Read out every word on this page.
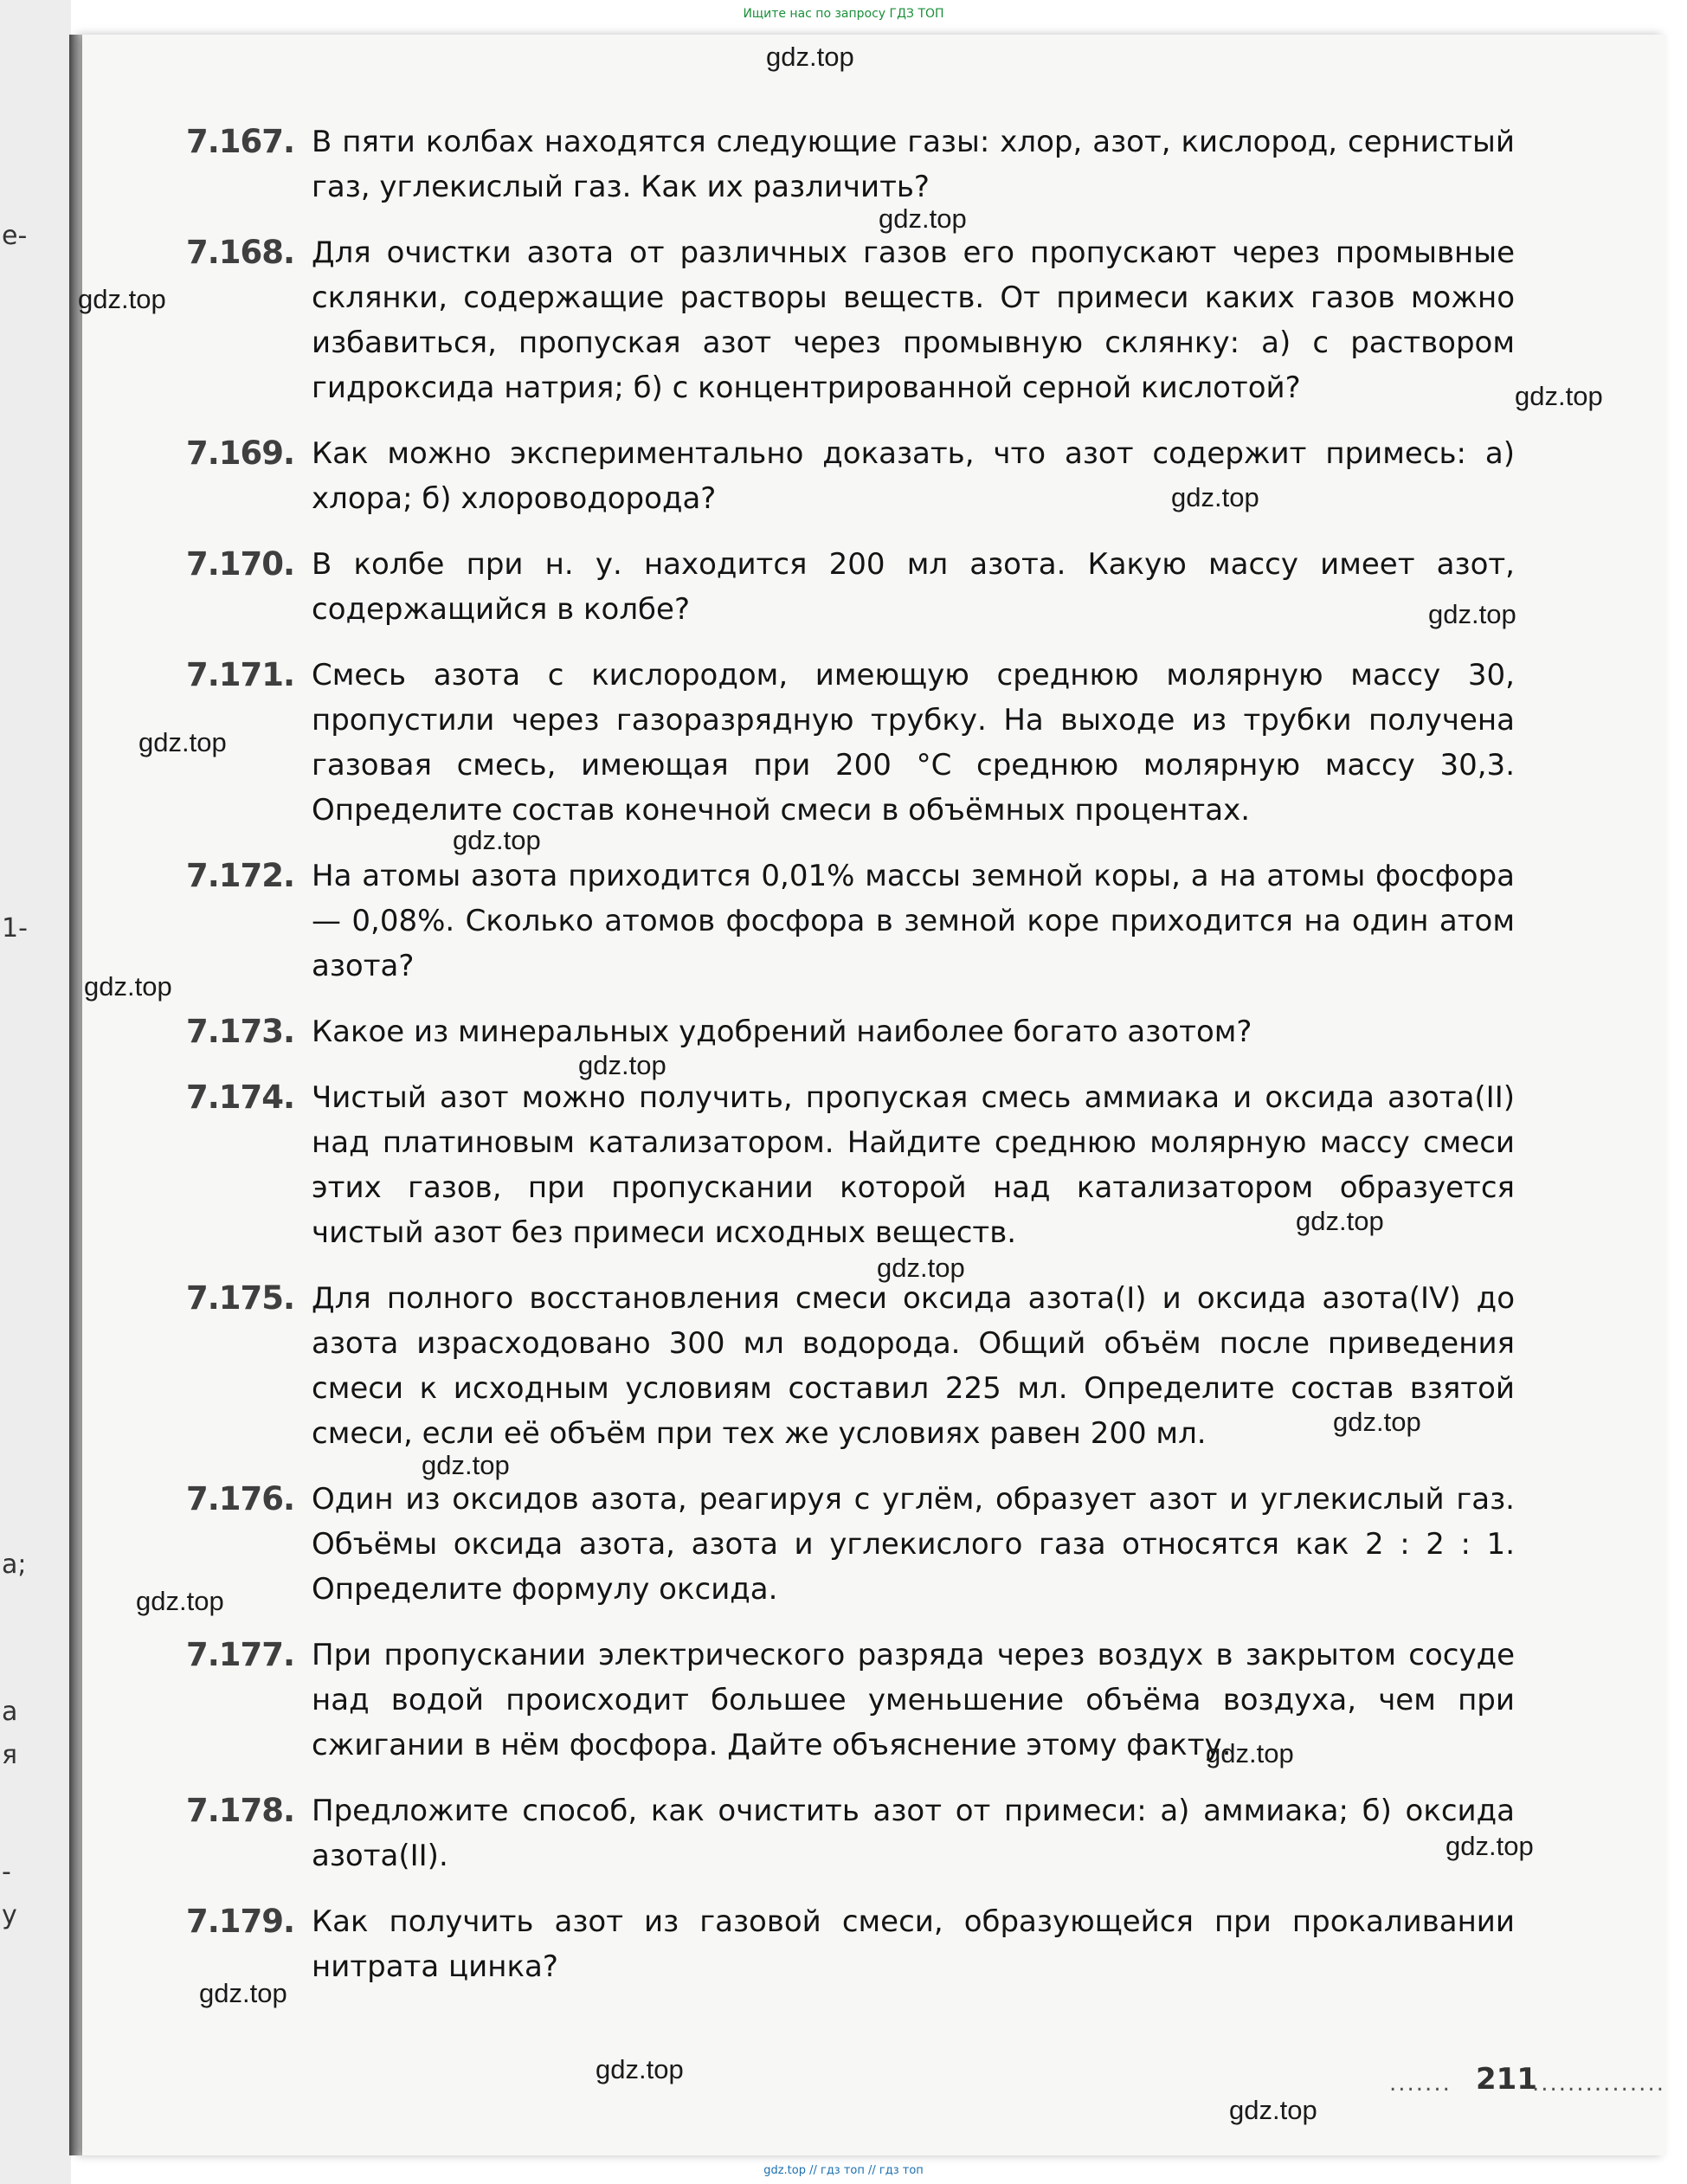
Ищите нас по запросу ГДЗ ТОП
е-
1-
а;
а
я
-
у
7.167. В пяти колбах находятся следующие газы: хлор, азот, кислород, сернистый газ, углекислый газ. Как их различить?
7.168. Для очистки азота от различных газов его пропускают через промывные склянки, содержащие растворы веществ. От примеси каких газов можно избавиться, пропуская азот через промывную склянку: а) с раствором гидроксида натрия; б) с концентрированной серной кислотой?
7.169. Как можно экспериментально доказать, что азот содержит примесь: а) хлора; б) хлороводорода?
7.170. В колбе при н. у. находится 200 мл азота. Какую массу имеет азот, содержащийся в колбе?
7.171. Смесь азота с кислородом, имеющую среднюю молярную массу 30, пропустили через газоразрядную трубку. На выходе из трубки получена газовая смесь, имеющая при 200 °С среднюю молярную массу 30,3. Определите состав конечной смеси в объёмных процентах.
7.172. На атомы азота приходится 0,01% массы земной коры, а на атомы фосфора — 0,08%. Сколько атомов фосфора в земной коре приходится на один атом азота?
7.173. Какое из минеральных удобрений наиболее богато азотом?
7.174. Чистый азот можно получить, пропуская смесь аммиака и оксида азота(II) над платиновым катализатором. Найдите среднюю молярную массу смеси этих газов, при пропускании которой над катализатором образуется чистый азот без примеси исходных веществ.
7.175. Для полного восстановления смеси оксида азота(I) и оксида азота(IV) до азота израсходовано 300 мл водорода. Общий объём после приведения смеси к исходным условиям составил 225 мл. Определите состав взятой смеси, если её объём при тех же условиях равен 200 мл.
7.176. Один из оксидов азота, реагируя с углём, образует азот и углекислый газ. Объёмы оксида азота, азота и углекислого газа относятся как 2 : 2 : 1. Определите формулу оксида.
7.177. При пропускании электрического разряда через воздух в закрытом сосуде над водой происходит большее уменьшение объёма воздуха, чем при сжигании в нём фосфора. Дайте объяснение этому факту.
7.178. Предложите способ, как очистить азот от примеси: а) аммиака; б) оксида азота(II).
7.179. Как получить азот из газовой смеси, образующейся при прокаливании нитрата цинка?
gdz.top
gdz.top
gdz.top
gdz.top
gdz.top
gdz.top
gdz.top
gdz.top
gdz.top
gdz.top
gdz.top
gdz.top
gdz.top
gdz.top
gdz.top
gdz.top
gdz.top
gdz.top
gdz.top
gdz.top
....... 211
...............
gdz.top // гдз топ // гдз топ
